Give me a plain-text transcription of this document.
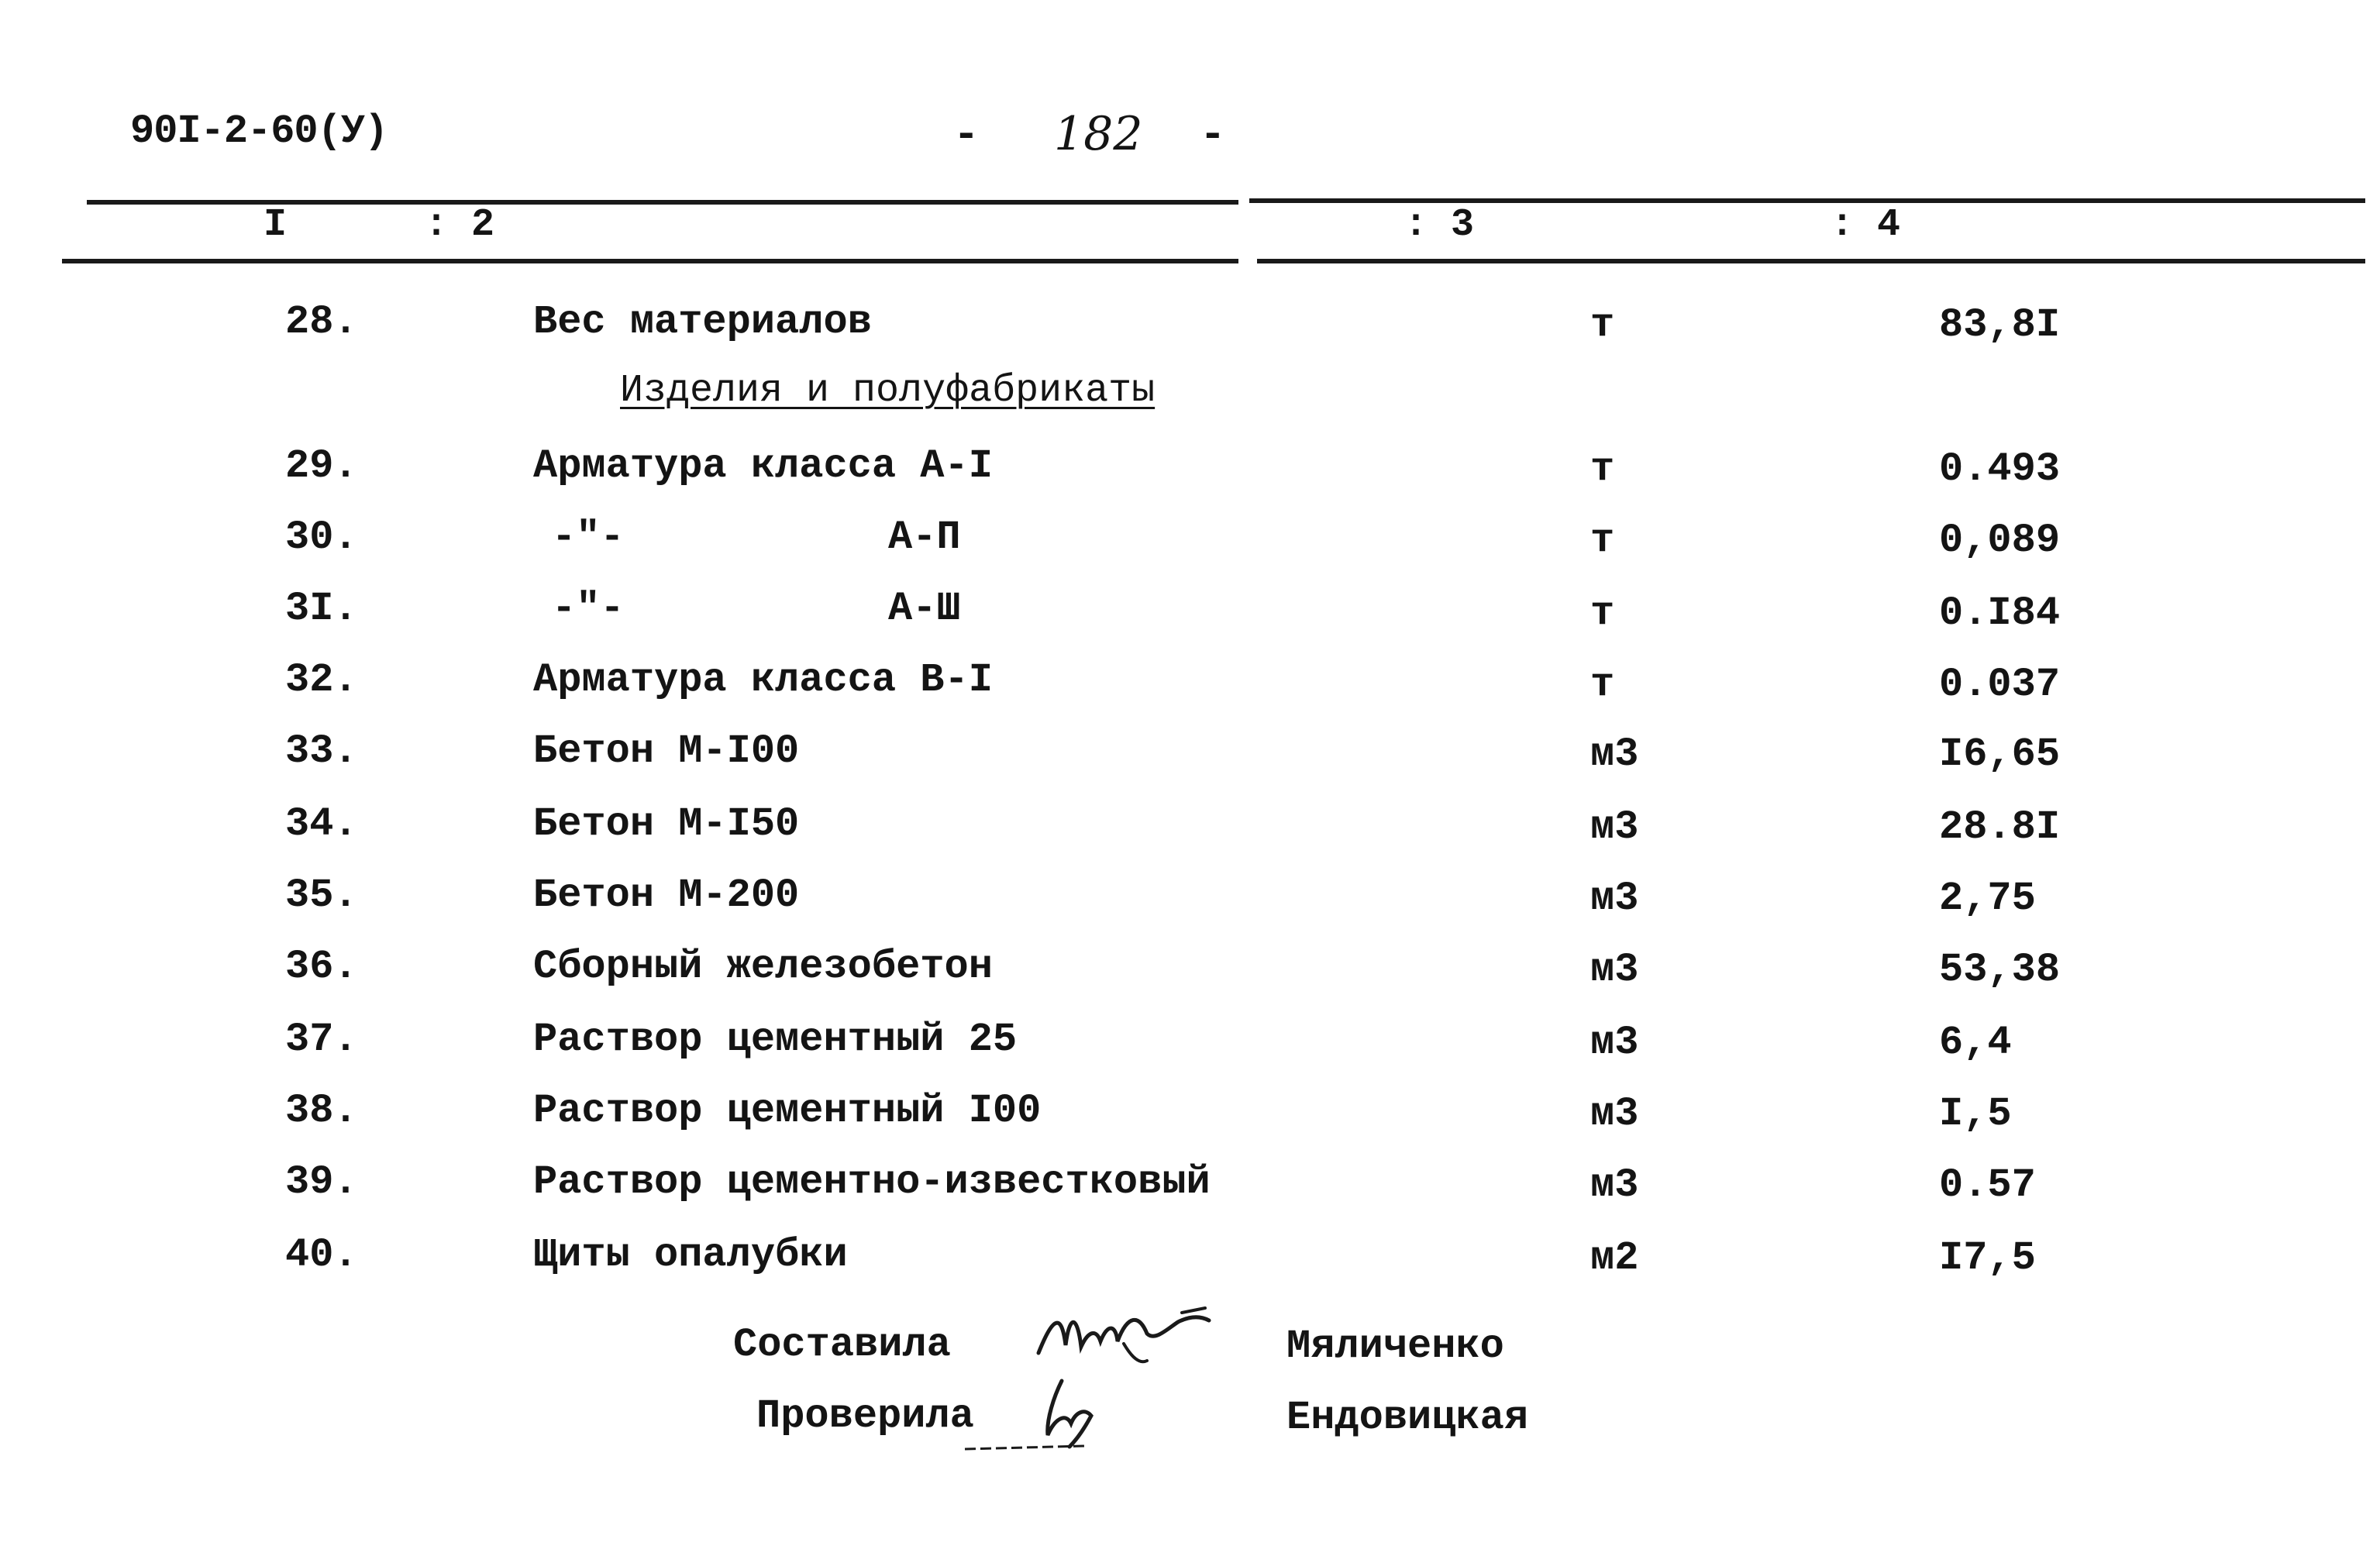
90I-2-60(У)	- 182 -
I	: 2	: 3	: 4
28.	Вес материалов	т	83,8I
Изделия и полуфабрикаты
29.	Арматура класса А-I	т	0.493
30.	-"-	А-П	т	0,089
3I.	-"-	А-Ш	т	0.I84
32.	Арматура класса В-I	т	0.037
33.	Бетон М-I00	м3	I6,65
34.	Бетон М-I50	м3	28.8I
35.	Бетон М-200	м3	2,75
36.	Сборный железобетон	м3	53,38
37.	Раствор цементный 25	м3	6,4
38.	Раствор цементный I00	м3	I,5
39.	Раствор цементно-известковый	м3	0.57
40.	Щиты опалубки	м2	I7,5
Составила	Мяличенко
Проверила	Ендовицкая
